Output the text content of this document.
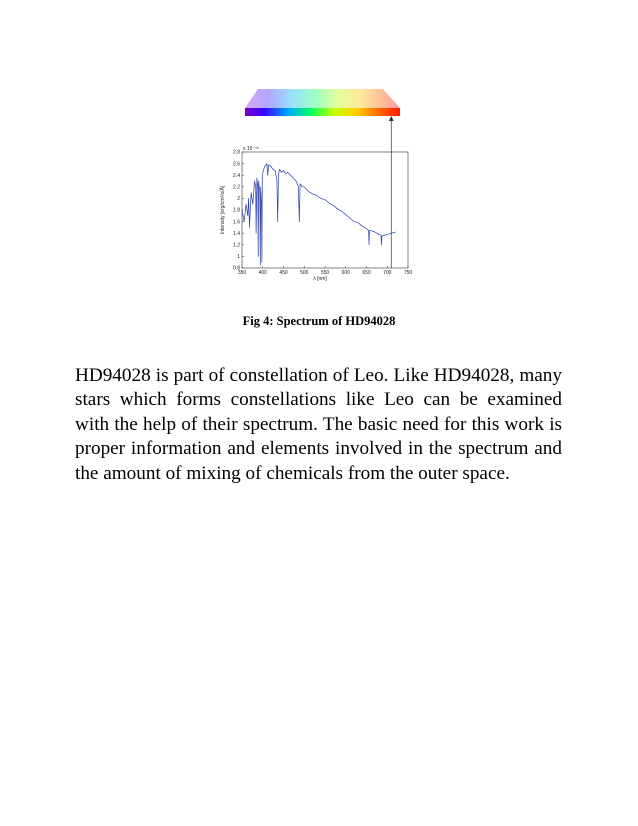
350 400 450 500 550 600 650 700 750
0.8
1
1.2
1.4
1.6
1.8
2
2.2
2.4
2.6
2.8
x 10⁻¹³
λ [nm]
Intensity [erg/cm²/s/Å]
Fig 4: Spectrum of HD94028

HD94028 is part of constellation of Leo. Like HD94028, many stars which forms constellations like Leo can be examined with the help of their spectrum. The basic need for this work is proper information and elements involved in the spectrum and the amount of mixing of chemicals from the outer space.
